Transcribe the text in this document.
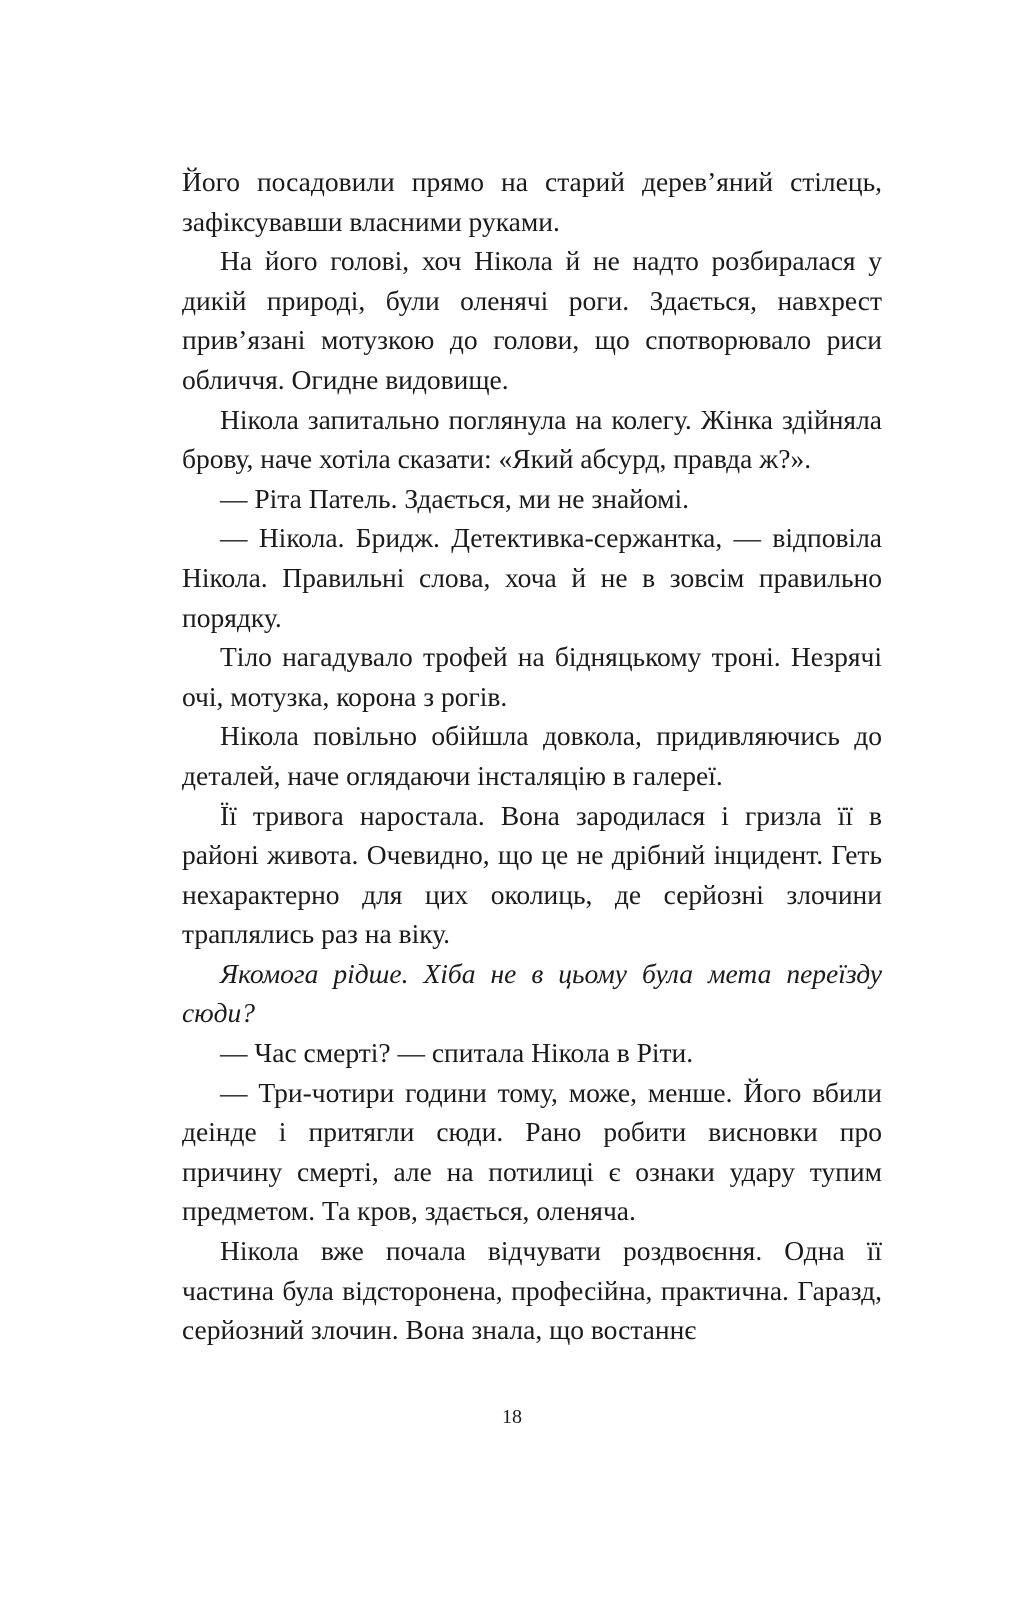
Його посадовили прямо на старий дерев’яний стілець, зафіксувавши власними руками.

На його голові, хоч Нікола й не надто розбиралася у дикій природі, були оленячі роги. Здається, навхрест прив’язані мотузкою до голови, що спотворювало риси обличчя. Огидне видовище.

Нікола запитально поглянула на колегу. Жінка здійняла брову, наче хотіла сказати: «Який абсурд, правда ж?».

— Ріта Патель. Здається, ми не знайомі.

— Нікола. Бридж. Детективка-сержантка, — відповіла Нікола. Правильні слова, хоча й не в зовсім правильно порядку.

Тіло нагадувало трофей на бідняцькому троні. Незрячі очі, мотузка, корона з рогів.

Нікола повільно обійшла довкола, придивляючись до деталей, наче оглядаючи інсталяцію в галереї.

Її тривога наростала. Вона зародилася і гризла її в районі живота. Очевидно, що це не дрібний інцидент. Геть нехарактерно для цих околиць, де серйозні злочини траплялись раз на віку.

Якомога рідше. Хіба не в цьому була мета переїзду сюди?

— Час смерті? — спитала Нікола в Ріти.

— Три-чотири години тому, може, менше. Його вбили деінде і притягли сюди. Рано робити висновки про причину смерті, але на потилиці є ознаки удару тупим предметом. Та кров, здається, оленяча.

Нікола вже почала відчувати роздвоєння. Одна її частина була відсторонена, професійна, практична. Гаразд, серйозний злочин. Вона знала, що востаннє

18
